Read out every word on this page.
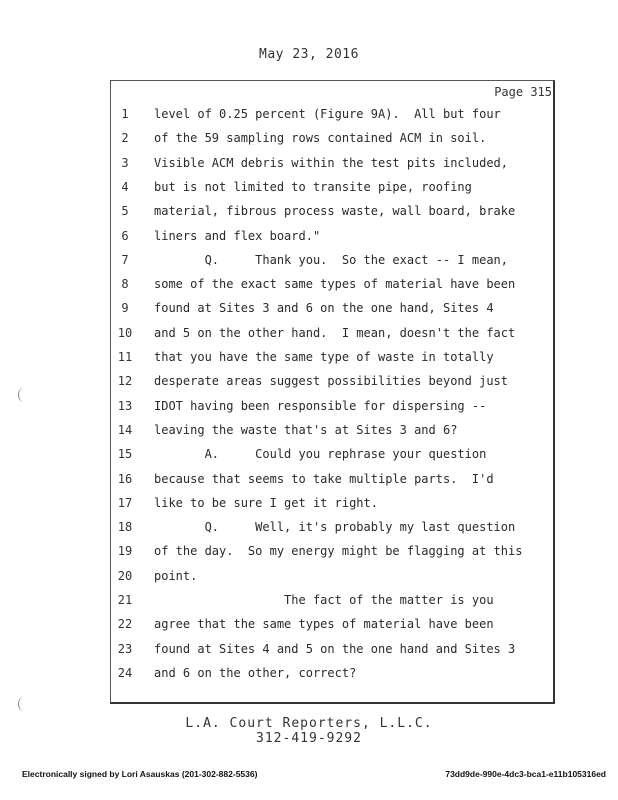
May 23, 2016
Page 315
1	level of 0.25 percent (Figure 9A).  All but four
2	of the 59 sampling rows contained ACM in soil.
3	Visible ACM debris within the test pits included,
4	but is not limited to transite pipe, roofing
5	material, fibrous process waste, wall board, brake
6	liners and flex board."
7	Q.     Thank you.  So the exact -- I mean,
8	some of the exact same types of material have been
9	found at Sites 3 and 6 on the one hand, Sites 4
10	and 5 on the other hand.  I mean, doesn't the fact
11	that you have the same type of waste in totally
12	desperate areas suggest possibilities beyond just
13	IDOT having been responsible for dispersing --
14	leaving the waste that's at Sites 3 and 6?
15	A.     Could you rephrase your question
16	because that seems to take multiple parts.  I'd
17	like to be sure I get it right.
18	Q.     Well, it's probably my last question
19	of the day.  So my energy might be flagging at this
20	point.
21	The fact of the matter is you
22	agree that the same types of material have been
23	found at Sites 4 and 5 on the one hand and Sites 3
24	and 6 on the other, correct?
L.A. Court Reporters, L.L.C.
312-419-9292
Electronically signed by Lori Asauskas (201-302-882-5536)	73dd9de-990e-4dc3-bca1-e11b105316ed
